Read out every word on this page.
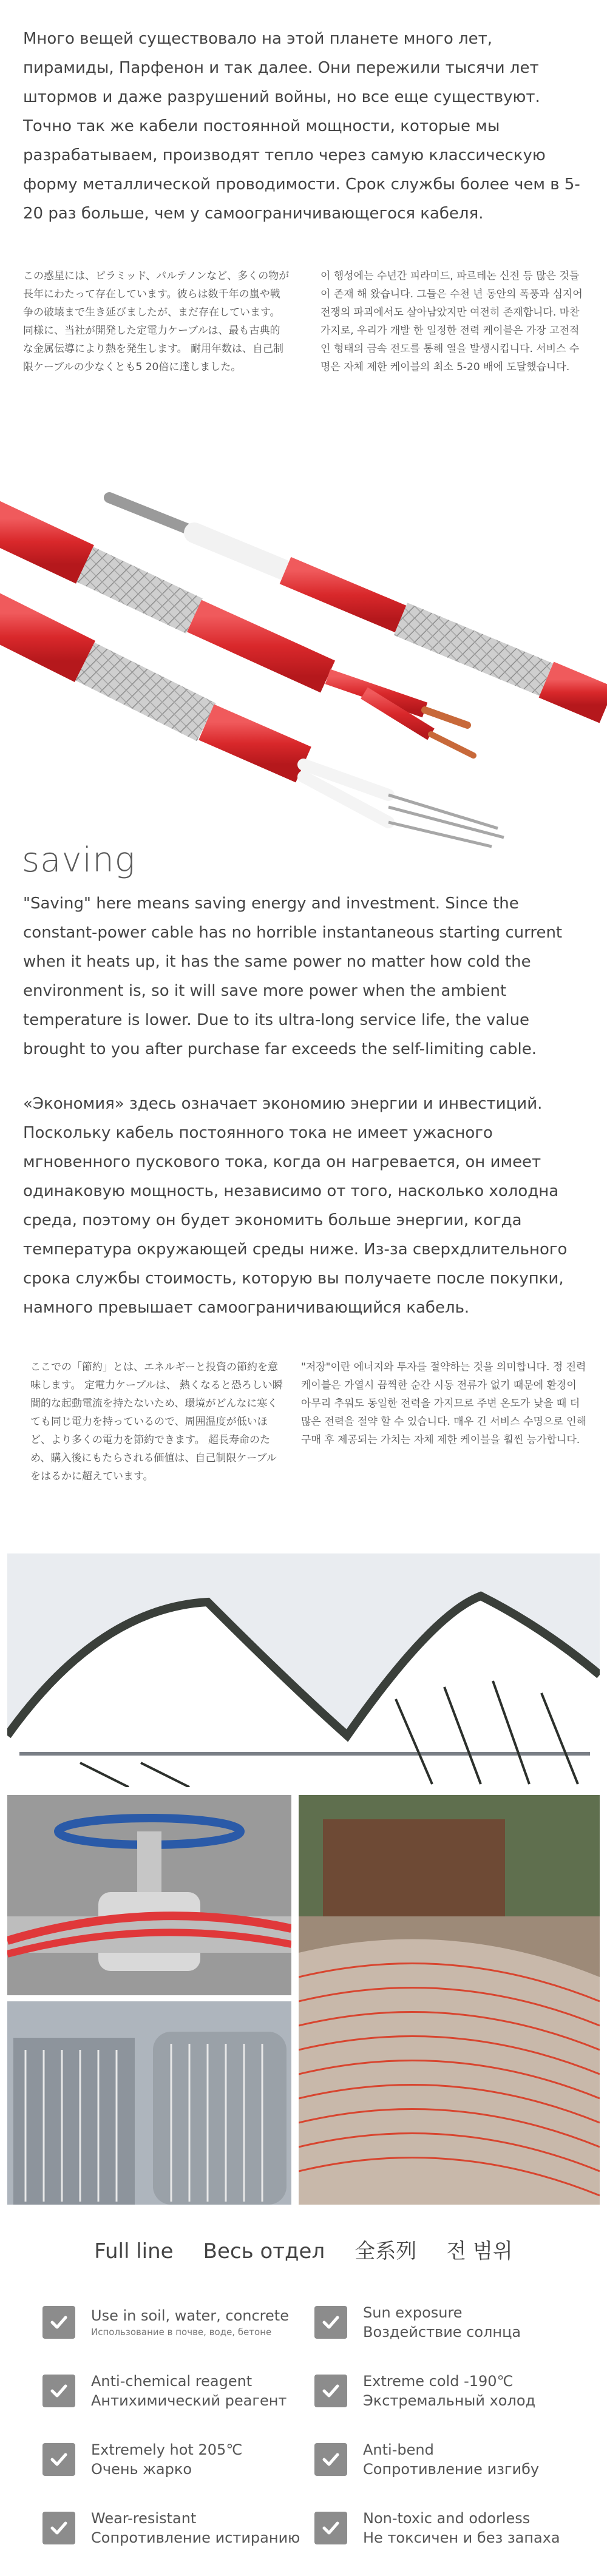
Много вещей существовало на этой планете много лет, пирамиды, Парфенон и так далее. Они пережили тысячи лет штормов и даже разрушений войны, но все еще существуют. Точно так же кабели постоянной мощности, которые мы разрабатываем, производят тепло через самую классическую форму металлической проводимости. Срок службы более чем в 5-20 раз больше, чем у самоограничивающегося кабеля.

この惑星には、ピラミッド、パルテノンなど、多くの物が長年にわたって存在しています。彼らは数千年の嵐や戦争の破壊まで生き延びましたが、まだ存在しています。同様に、当社が開発した定電力ケーブルは、最も古典的な金属伝導により熱を発生します。 耐用年数は、自己制限ケーブルの少なくとも5 20倍に達しました。

이 행성에는 수년간 피라미드, 파르테논 신전 등 많은 것들이 존재 해 왔습니다. 그들은 수천 년 동안의 폭풍과 심지어 전쟁의 파괴에서도 살아남았지만 여전히 존재합니다. 마찬가지로, 우리가 개발 한 일정한 전력 케이블은 가장 고전적인 형태의 금속 전도를 통해 열을 발생시킵니다. 서비스 수명은 자체 제한 케이블의 최소 5-20 배에 도달했습니다.

saving

"Saving" here means saving energy and investment. Since the constant-power cable has no horrible instantaneous starting current when it heats up, it has the same power no matter how cold the environment is, so it will save more power when the ambient temperature is lower. Due to its ultra-long service life, the value brought to you after purchase far exceeds the self-limiting cable.

«Экономия» здесь означает экономию энергии и инвестиций. Поскольку кабель постоянного тока не имеет ужасного мгновенного пускового тока, когда он нагревается, он имеет одинаковую мощность, независимо от того, насколько холодна среда, поэтому он будет экономить больше энергии, когда температура окружающей среды ниже. Из-за сверхдлительного срока службы стоимость, которую вы получаете после покупки, намного превышает самоограничивающийся кабель.

ここでの「節約」とは、エネルギーと投資の節約を意味します。 定電力ケーブルは、 熱くなると恐ろしい瞬間的な起動電流を持たないため、環境がどんなに寒くても同じ電力を持っているので、周囲温度が低いほど、より多くの電力を節約できます。 超長寿命のため、購入後にもたらされる価値は、自己制限ケーブルをはるかに超えています。

"저장"이란 에너지와 투자를 절약하는 것을 의미합니다. 정 전력 케이블은 가열시 끔찍한 순간 시동 전류가 없기 때문에 환경이 아무리 추워도 동일한 전력을 가지므로 주변 온도가 낮을 때 더 많은 전력을 절약 할 수 있습니다. 매우 긴 서비스 수명으로 인해 구매 후 제공되는 가치는 자체 제한 케이블을 훨씬 능가합니다.

Full line Весь отдел 全系列 전 범위
Use in soil, water, concrete
Использование в почве, воде, бетоне
Sun exposure
Воздействие солнца
Anti-chemical reagent
Антихимический реагент
Extreme cold -190℃
Экстремальный холод
Extremely hot 205℃
Очень жарко
Anti-bend
Сопротивление изгибу
Wear-resistant
Сопротивление истиранию
Non-toxic and odorless
Не токсичен и без запаха
